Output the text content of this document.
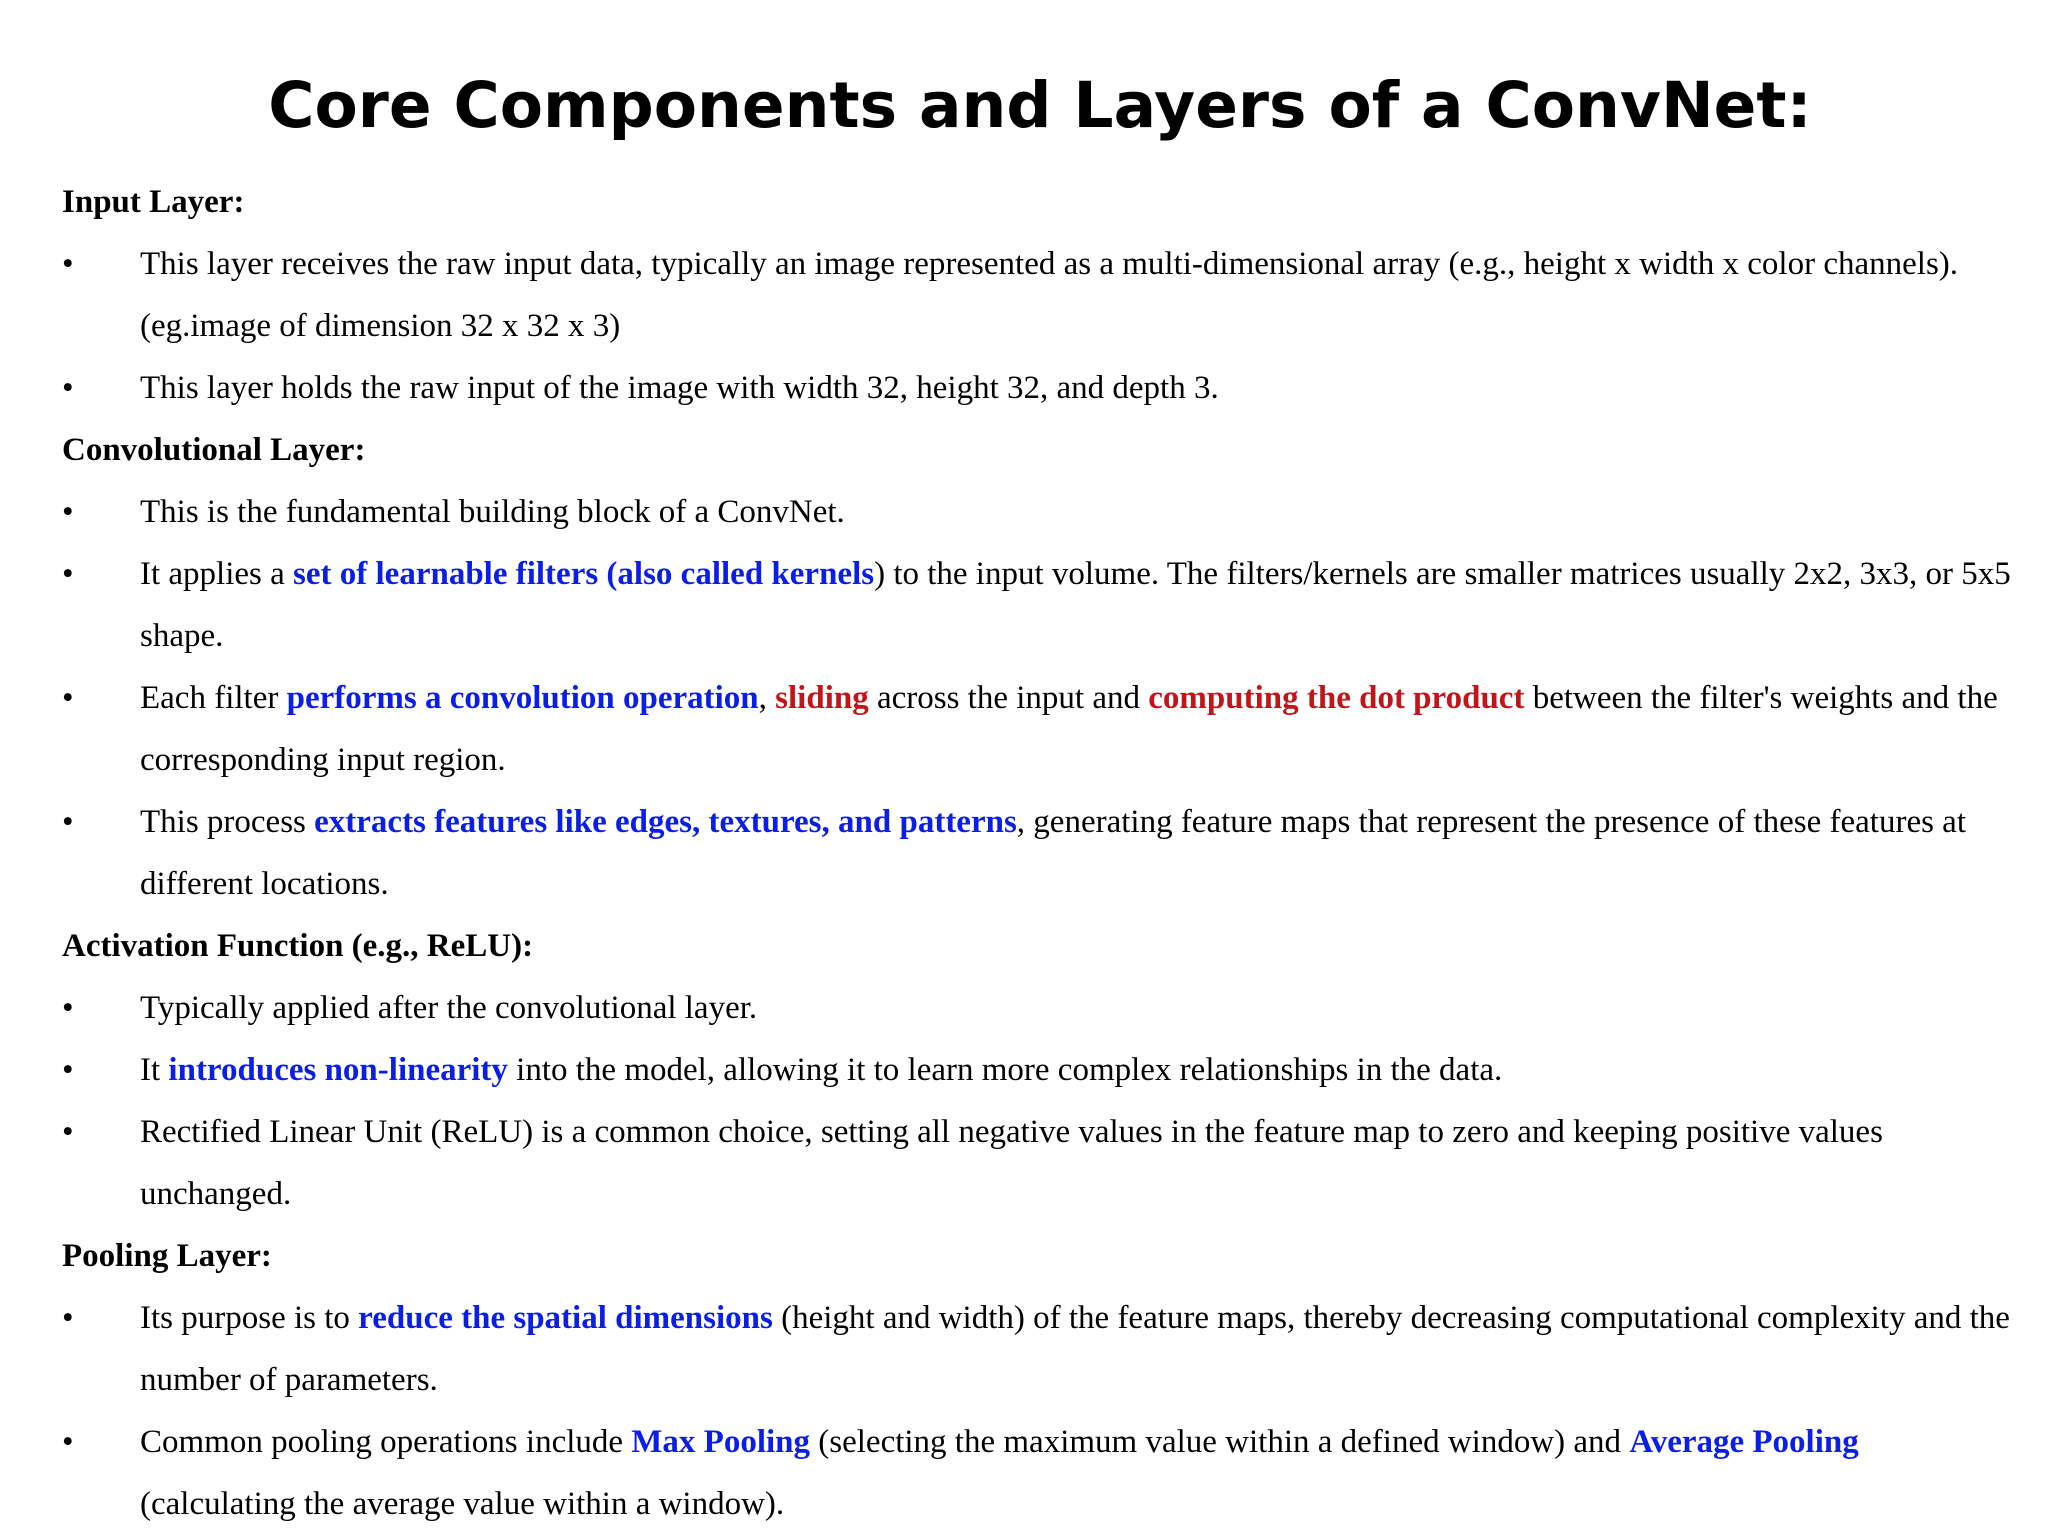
Core Components and Layers of a ConvNet:
Input Layer:
• This layer receives the raw input data, typically an image represented as a multi-dimensional array (e.g., height x width x color channels). (eg.image of dimension 32 x 32 x 3)
• This layer holds the raw input of the image with width 32, height 32, and depth 3.
Convolutional Layer:
• This is the fundamental building block of a ConvNet.
• It applies a set of learnable filters (also called kernels) to the input volume. The filters/kernels are smaller matrices usually 2x2, 3x3, or 5x5 shape.
• Each filter performs a convolution operation, sliding across the input and computing the dot product between the filter's weights and the corresponding input region.
• This process extracts features like edges, textures, and patterns, generating feature maps that represent the presence of these features at different locations.
Activation Function (e.g., ReLU):
• Typically applied after the convolutional layer.
• It introduces non-linearity into the model, allowing it to learn more complex relationships in the data.
• Rectified Linear Unit (ReLU) is a common choice, setting all negative values in the feature map to zero and keeping positive values unchanged.
Pooling Layer:
• Its purpose is to reduce the spatial dimensions (height and width) of the feature maps, thereby decreasing computational complexity and the number of parameters.
• Common pooling operations include Max Pooling (selecting the maximum value within a defined window) and Average Pooling (calculating the average value within a window).
